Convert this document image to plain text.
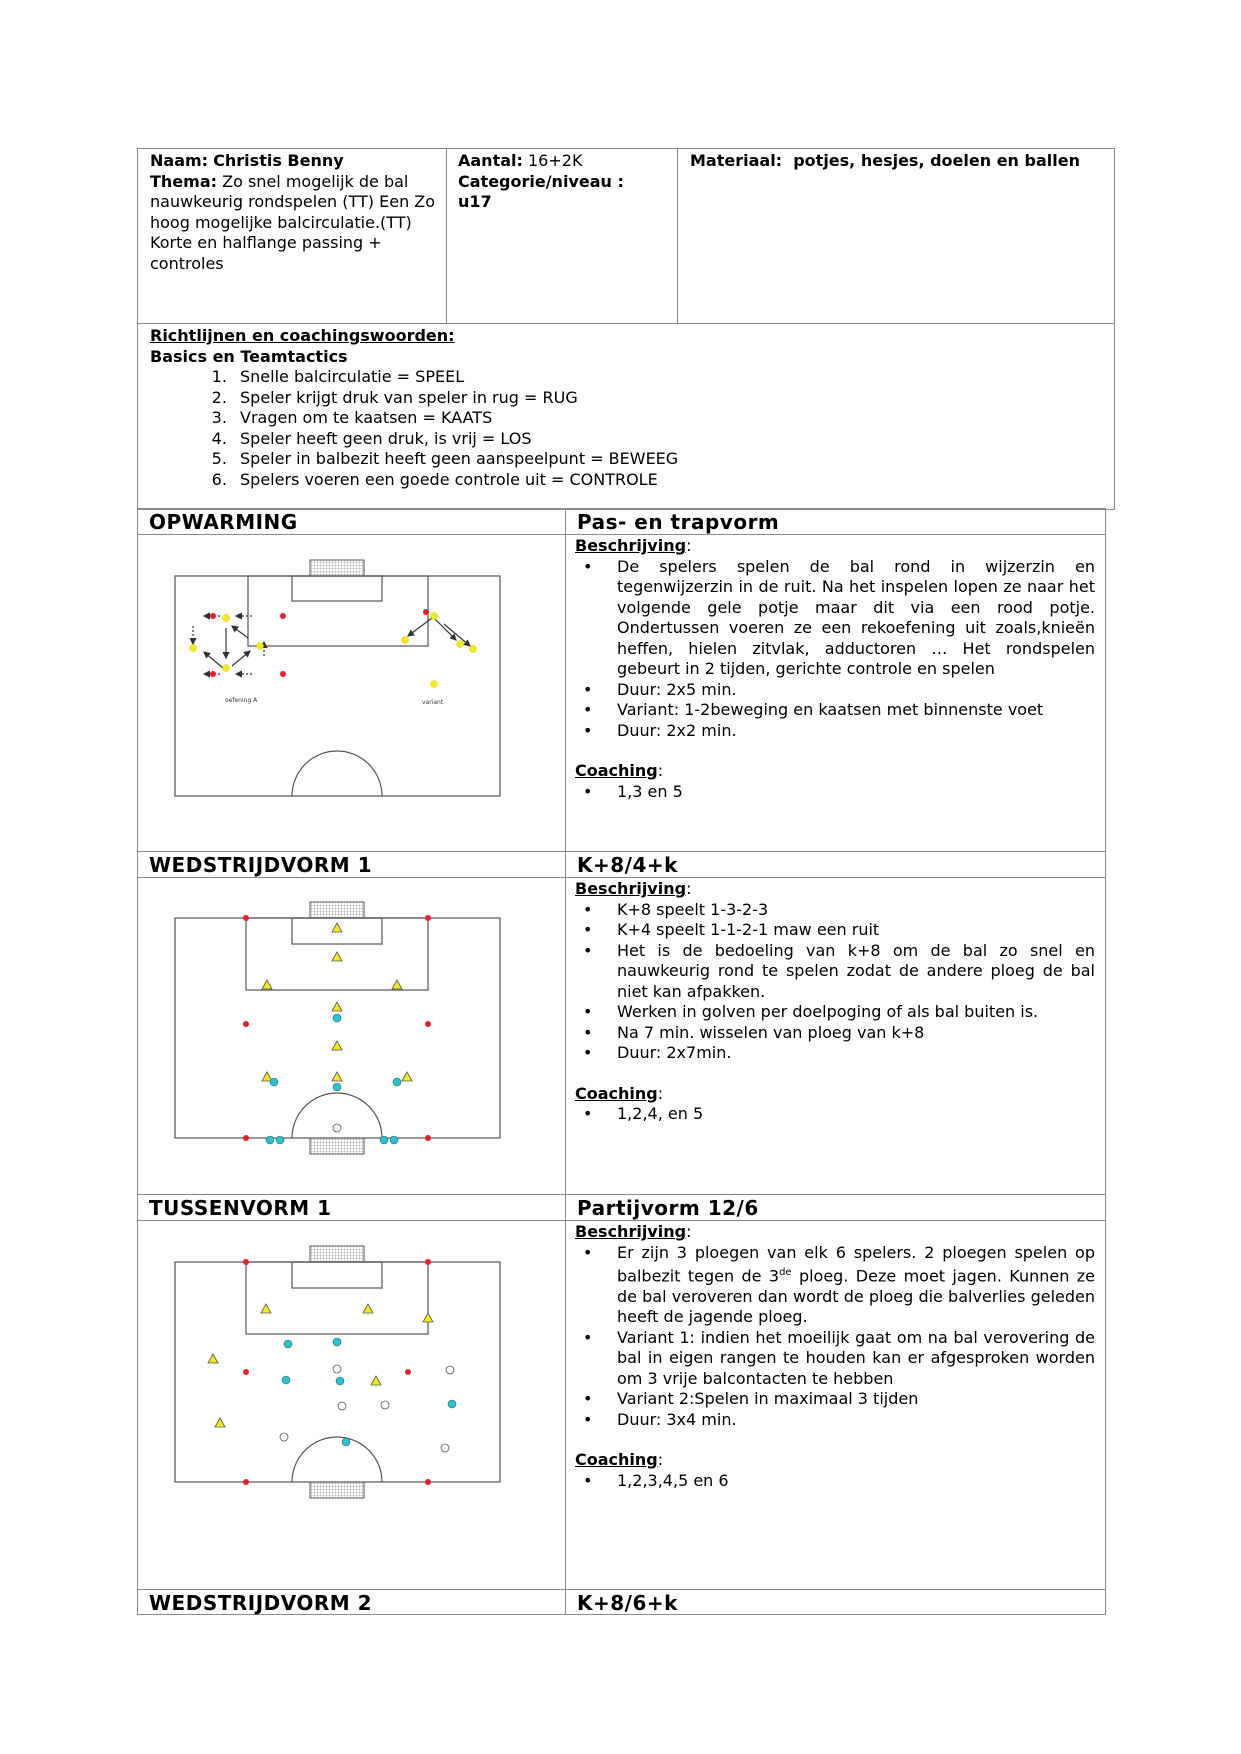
Naam: Christis Benny
Thema: Zo snel mogelijk de bal nauwkeurig rondspelen (TT) Een Zo hoog mogelijke balcirculatie.(TT) Korte en halflange passing + controles
Aantal: 16+2K
Categorie/niveau :
u17
Materiaal: potjes, hesjes, doelen en ballen
Richtlijnen en coachingswoorden:
Basics en Teamtactics
1. Snelle balcirculatie = SPEEL
2. Speler krijgt druk van speler in rug = RUG
3. Vragen om te kaatsen = KAATS
4. Speler heeft geen druk, is vrij = LOS
5. Speler in balbezit heeft geen aanspeelpunt = BEWEEG
6. Spelers voeren een goede controle uit = CONTROLE
OPWARMING	Pas- en trapvorm
WEDSTRIJDVORM 1	K+8/4+k
TUSSENVORM 1	Partijvorm 12/6
WEDSTRIJDVORM 2	K+8/6+k
Beschrijving:
• De spelers spelen de bal rond in wijzerzin en tegenwijzerzin in de ruit. Na het inspelen lopen ze naar het volgende gele potje maar dit via een rood potje. Ondertussen voeren ze een rekoefening uit zoals,knieën heffen, hielen zitvlak, adductoren … Het rondspelen gebeurt in 2 tijden, gerichte controle en spelen
• Duur: 2x5 min.
• Variant: 1-2beweging en kaatsen met binnenste voet
• Duur: 2x2 min.
Coaching:
• 1,3 en 5
Beschrijving:
• K+8 speelt 1-3-2-3
• K+4 speelt 1-1-2-1 maw een ruit
• Het is de bedoeling van k+8 om de bal zo snel en nauwkeurig rond te spelen zodat de andere ploeg de bal niet kan afpakken.
• Werken in golven per doelpoging of als bal buiten is.
• Na 7 min. wisselen van ploeg van k+8
• Duur: 2x7min.
Coaching:
• 1,2,4, en 5
Beschrijving:
• Er zijn 3 ploegen van elk 6 spelers. 2 ploegen spelen op balbezit tegen de 3de ploeg. Deze moet jagen. Kunnen ze de bal veroveren dan wordt de ploeg die balverlies geleden heeft de jagende ploeg.
• Variant 1: indien het moeilijk gaat om na bal verovering de bal in eigen rangen te houden kan er afgesproken worden om 3 vrije balcontacten te hebben
• Variant 2:Spelen in maximaal 3 tijden
• Duur: 3x4 min.
Coaching:
• 1,2,3,4,5 en 6
oefening A	variant
